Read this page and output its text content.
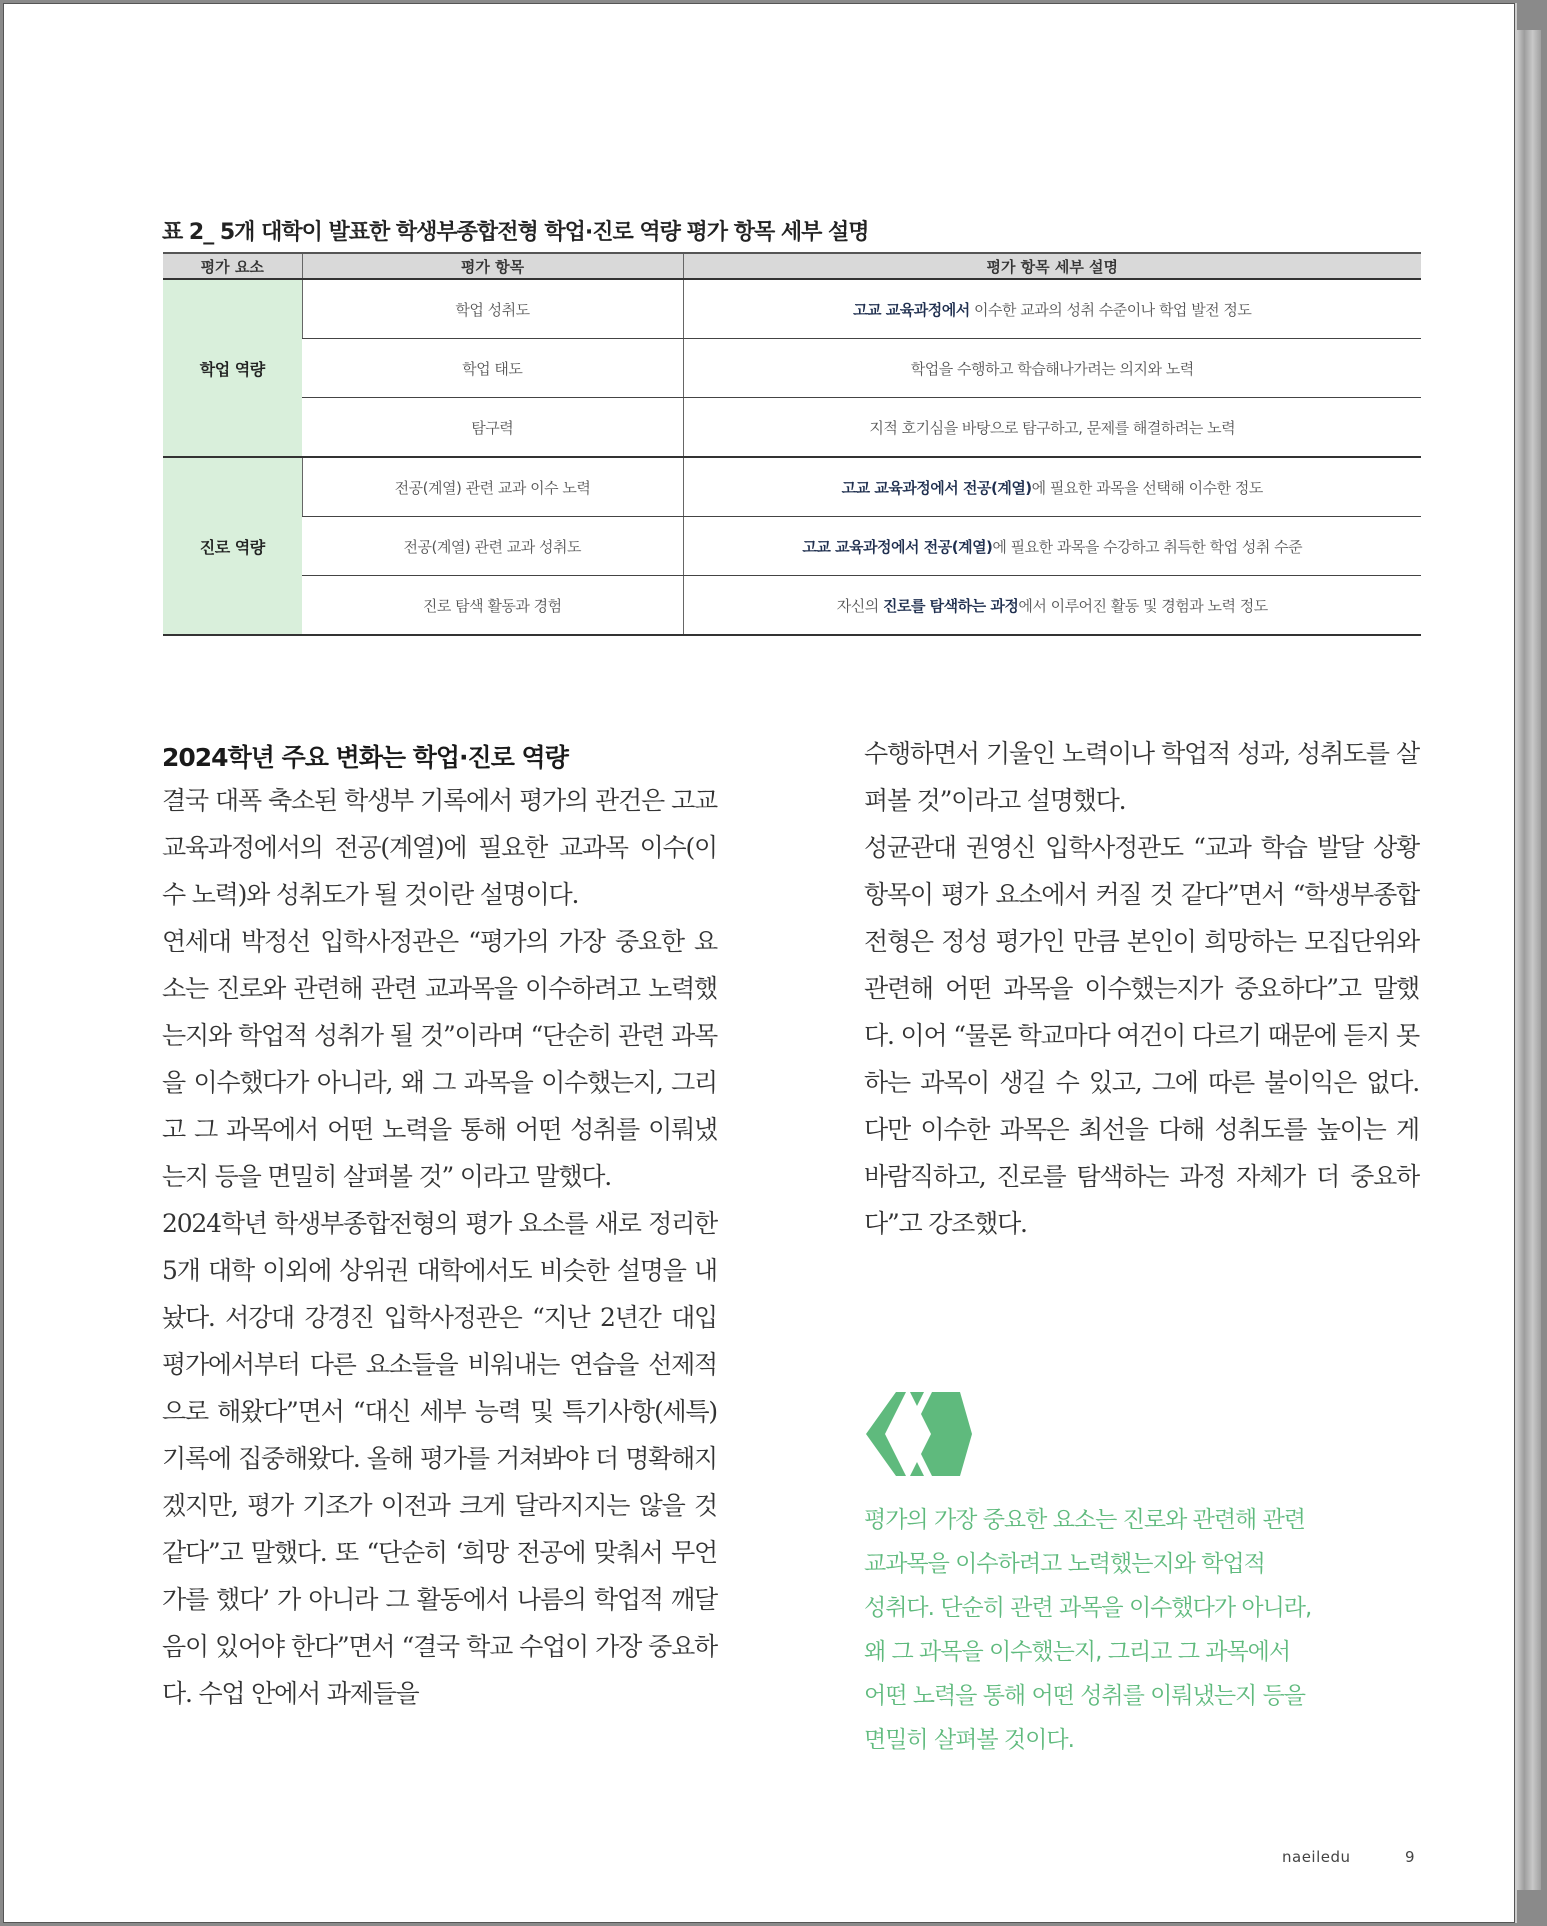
표 2_ 5개 대학이 발표한 학생부종합전형 학업·진로 역량 평가 항목 세부 설명
평가 요소	평가 항목	평가 항목 세부 설명
학업 역량	학업 성취도	고교 교육과정에서 이수한 교과의 성취 수준이나 학업 발전 정도
	학업 태도	학업을 수행하고 학습해나가려는 의지와 노력
	탐구력	지적 호기심을 바탕으로 탐구하고, 문제를 해결하려는 노력
진로 역량	전공(계열) 관련 교과 이수 노력	고교 교육과정에서 전공(계열)에 필요한 과목을 선택해 이수한 정도
	전공(계열) 관련 교과 성취도	고교 교육과정에서 전공(계열)에 필요한 과목을 수강하고 취득한 학업 성취 수준
	진로 탐색 활동과 경험	자신의 진로를 탐색하는 과정에서 이루어진 활동 및 경험과 노력 정도
2024학년 주요 변화는 학업·진로 역량

결국 대폭 축소된 학생부 기록에서 평가의 관건은 고교 교육과정에서의 전공(계열)에 필요한 교과목 이수(이수 노력)와 성취도가 될 것이란 설명이다.

연세대 박정선 입학사정관은 “평가의 가장 중요한 요소는 진로와 관련해 관련 교과목을 이수하려고 노력했는지와 학업적 성취가 될 것”이라며 “단순히 관련 과목을 이수했다가 아니라, 왜 그 과목을 이수했는지, 그리고 그 과목에서 어떤 노력을 통해 어떤 성취를 이뤄냈는지 등을 면밀히 살펴볼 것” 이라고 말했다.

2024학년 학생부종합전형의 평가 요소를 새로 정리한 5개 대학 이외에 상위권 대학에서도 비슷한 설명을 내놨다. 서강대 강경진 입학사정관은 “지난 2년간 대입 평가에서부터 다른 요소들을 비워내는 연습을 선제적으로 해왔다”면서 “대신 세부 능력 및 특기사항(세특) 기록에 집중해왔다. 올해 평가를 거쳐봐야 더 명확해지겠지만, 평가 기조가 이전과 크게 달라지지는 않을 것 같다”고 말했다. 또 “단순히 ‘희망 전공에 맞춰서 무언가를 했다’ 가 아니라 그 활동에서 나름의 학업적 깨달음이 있어야 한다”면서 “결국 학교 수업이 가장 중요하다. 수업 안에서 과제들을

수행하면서 기울인 노력이나 학업적 성과, 성취도를 살펴볼 것”이라고 설명했다.

성균관대 권영신 입학사정관도 “교과 학습 발달 상황 항목이 평가 요소에서 커질 것 같다”면서 “학생부종합전형은 정성 평가인 만큼 본인이 희망하는 모집단위와 관련해 어떤 과목을 이수했는지가 중요하다”고 말했다. 이어 “물론 학교마다 여건이 다르기 때문에 듣지 못하는 과목이 생길 수 있고, 그에 따른 불이익은 없다. 다만 이수한 과목은 최선을 다해 성취도를 높이는 게 바람직하고, 진로를 탐색하는 과정 자체가 더 중요하다”고 강조했다.

평가의 가장 중요한 요소는 진로와 관련해 관련
교과목을 이수하려고 노력했는지와 학업적
성취다. 단순히 관련 과목을 이수했다가 아니라,
왜 그 과목을 이수했는지, 그리고 그 과목에서
어떤 노력을 통해 어떤 성취를 이뤄냈는지 등을
면밀히 살펴볼 것이다.
naeiledu	9
